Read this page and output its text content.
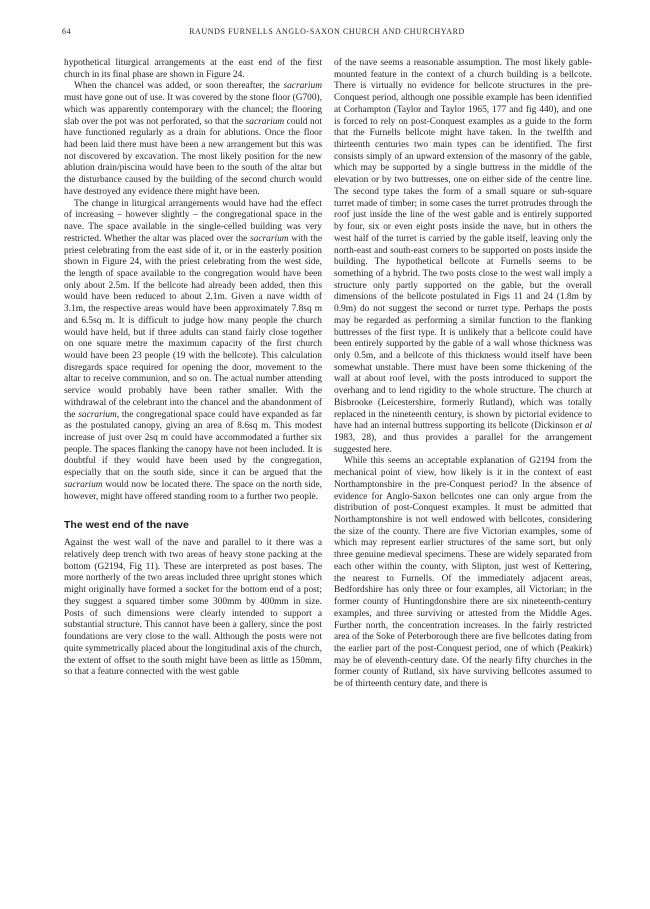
64	RAUNDS FURNELLS ANGLO-SAXON CHURCH AND CHURCHYARD

hypothetical liturgical arrangements at the east end of the first church in its final phase are shown in Figure 24.

When the chancel was added, or soon thereafter, the sacrarium must have gone out of use. It was covered by the stone floor (G700), which was apparently contemporary with the chancel; the flooring slab over the pot was not perforated, so that the sacrarium could not have functioned regularly as a drain for ablutions. Once the floor had been laid there must have been a new arrangement but this was not discovered by excavation. The most likely position for the new ablution drain/piscina would have been to the south of the altar but the disturbance caused by the building of the second church would have destroyed any evidence there might have been.

The change in liturgical arrangements would have had the effect of increasing – however slightly – the congregational space in the nave. The space available in the single-celled building was very restricted. Whether the altar was placed over the sacrarium with the priest celebrating from the east side of it, or in the easterly position shown in Figure 24, with the priest celebrating from the west side, the length of space available to the congregation would have been only about 2.5m. If the bellcote had already been added, then this would have been reduced to about 2.1m. Given a nave width of 3.1m, the respective areas would have been approximately 7.8sq m and 6.5sq m. It is difficult to judge how many people the church would have held, but if three adults can stand fairly close together on one square metre the maximum capacity of the first church would have been 23 people (19 with the bellcote). This calculation disregards space required for opening the door, movement to the altar to receive communion, and so on. The actual number attending service would probably have been rather smaller. With the withdrawal of the celebrant into the chancel and the abandonment of the sacrarium, the congregational space could have expanded as far as the postulated canopy, giving an area of 8.6sq m. This modest increase of just over 2sq m could have accommodated a further six people. The spaces flanking the canopy have not been included. It is doubtful if they would have been used by the congregation, especially that on the south side, since it can be argued that the sacrarium would now be located there. The space on the north side, however, might have offered standing room to a further two people.

The west end of the nave

Against the west wall of the nave and parallel to it there was a relatively deep trench with two areas of heavy stone packing at the bottom (G2194, Fig 11). These are interpreted as post bases. The more northerly of the two areas included three upright stones which might originally have formed a socket for the bottom end of a post; they suggest a squared timber some 300mm by 400mm in size. Posts of such dimensions were clearly intended to support a substantial structure. This cannot have been a gallery, since the post foundations are very close to the wall. Although the posts were not quite symmetrically placed about the longitudinal axis of the church, the extent of offset to the south might have been as little as 150mm, so that a feature connected with the west gable

of the nave seems a reasonable assumption. The most likely gable-mounted feature in the context of a church building is a bellcote. There is virtually no evidence for bellcote structures in the pre-Conquest period, although one possible example has been identified at Corhampton (Taylor and Taylor 1965, 177 and fig 440), and one is forced to rely on post-Conquest examples as a guide to the form that the Furnells bellcote might have taken. In the twelfth and thirteenth centuries two main types can be identified. The first consists simply of an upward extension of the masonry of the gable, which may be supported by a single buttress in the middle of the elevation or by two buttresses, one on either side of the centre line. The second type takes the form of a small square or sub-square turret made of timber; in some cases the turret protrudes through the roof just inside the line of the west gable and is entirely supported by four, six or even eight posts inside the nave, but in others the west half of the turret is carried by the gable itself, leaving only the north-east and south-east corners to be supported on posts inside the building. The hypothetical bellcote at Furnells seems to be something of a hybrid. The two posts close to the west wall imply a structure only partly supported on the gable, but the overall dimensions of the bellcote postulated in Figs 11 and 24 (1.8m by 0.9m) do not suggest the second or turret type. Perhaps the posts may be regarded as performing a similar function to the flanking buttresses of the first type. It is unlikely that a bellcote could have been entirely supported by the gable of a wall whose thickness was only 0.5m, and a bellcote of this thickness would itself have been somewhat unstable. There must have been some thickening of the wall at about roof level, with the posts introduced to support the overhang and to lend rigidity to the whole structure. The church at Bisbrooke (Leicestershire, formerly Rutland), which was totally replaced in the nineteenth century, is shown by pictorial evidence to have had an internal buttress supporting its bellcote (Dickinson et al 1983, 28), and thus provides a parallel for the arrangement suggested here.

While this seems an acceptable explanation of G2194 from the mechanical point of view, how likely is it in the context of east Northamptonshire in the pre-Conquest period? In the absence of evidence for Anglo-Saxon bellcotes one can only argue from the distribution of post-Conquest examples. It must be admitted that Northamptonshire is not well endowed with bellcotes, considering the size of the county. There are five Victorian examples, some of which may represent earlier structures of the same sort, but only three genuine medieval specimens. These are widely separated from each other within the county, with Slipton, just west of Kettering, the nearest to Furnells. Of the immediately adjacent areas, Bedfordshire has only three or four examples, all Victorian; in the former county of Huntingdonshire there are six nineteenth-century examples, and three surviving or attested from the Middle Ages. Further north, the concentration increases. In the fairly restricted area of the Soke of Peterborough there are five bellcotes dating from the earlier part of the post-Conquest period, one of which (Peakirk) may be of eleventh-century date. Of the nearly fifty churches in the former county of Rutland, six have surviving bellcotes assumed to be of thirteenth century date, and there is
